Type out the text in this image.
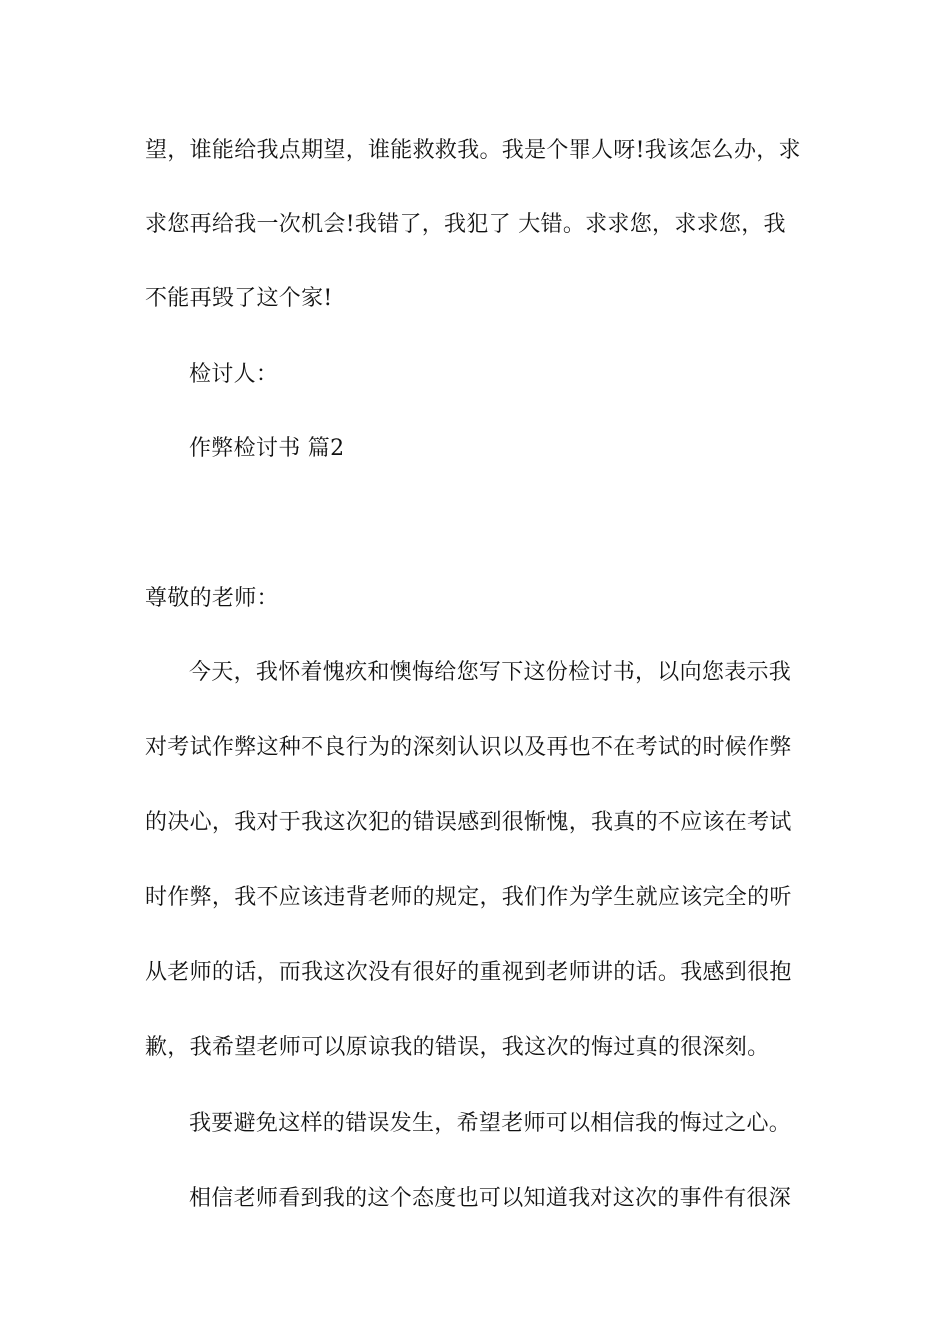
望，谁能给我点期望，谁能救救我。我是个罪人呀!我该怎么办，求
求您再给我一次机会!我错了，我犯了 大错。求求您，求求您，我
不能再毁了这个家!
检讨人：
作弊检讨书 篇2
尊敬的老师：
今天，我怀着愧疚和懊悔给您写下这份检讨书，以向您表示我
对考试作弊这种不良行为的深刻认识以及再也不在考试的时候作弊
的决心，我对于我这次犯的错误感到很惭愧，我真的不应该在考试
时作弊，我不应该违背老师的规定，我们作为学生就应该完全的听
从老师的话，而我这次没有很好的重视到老师讲的话。我感到很抱
歉，我希望老师可以原谅我的错误，我这次的悔过真的很深刻。
我要避免这样的错误发生，希望老师可以相信我的悔过之心。
相信老师看到我的这个态度也可以知道我对这次的事件有很深
